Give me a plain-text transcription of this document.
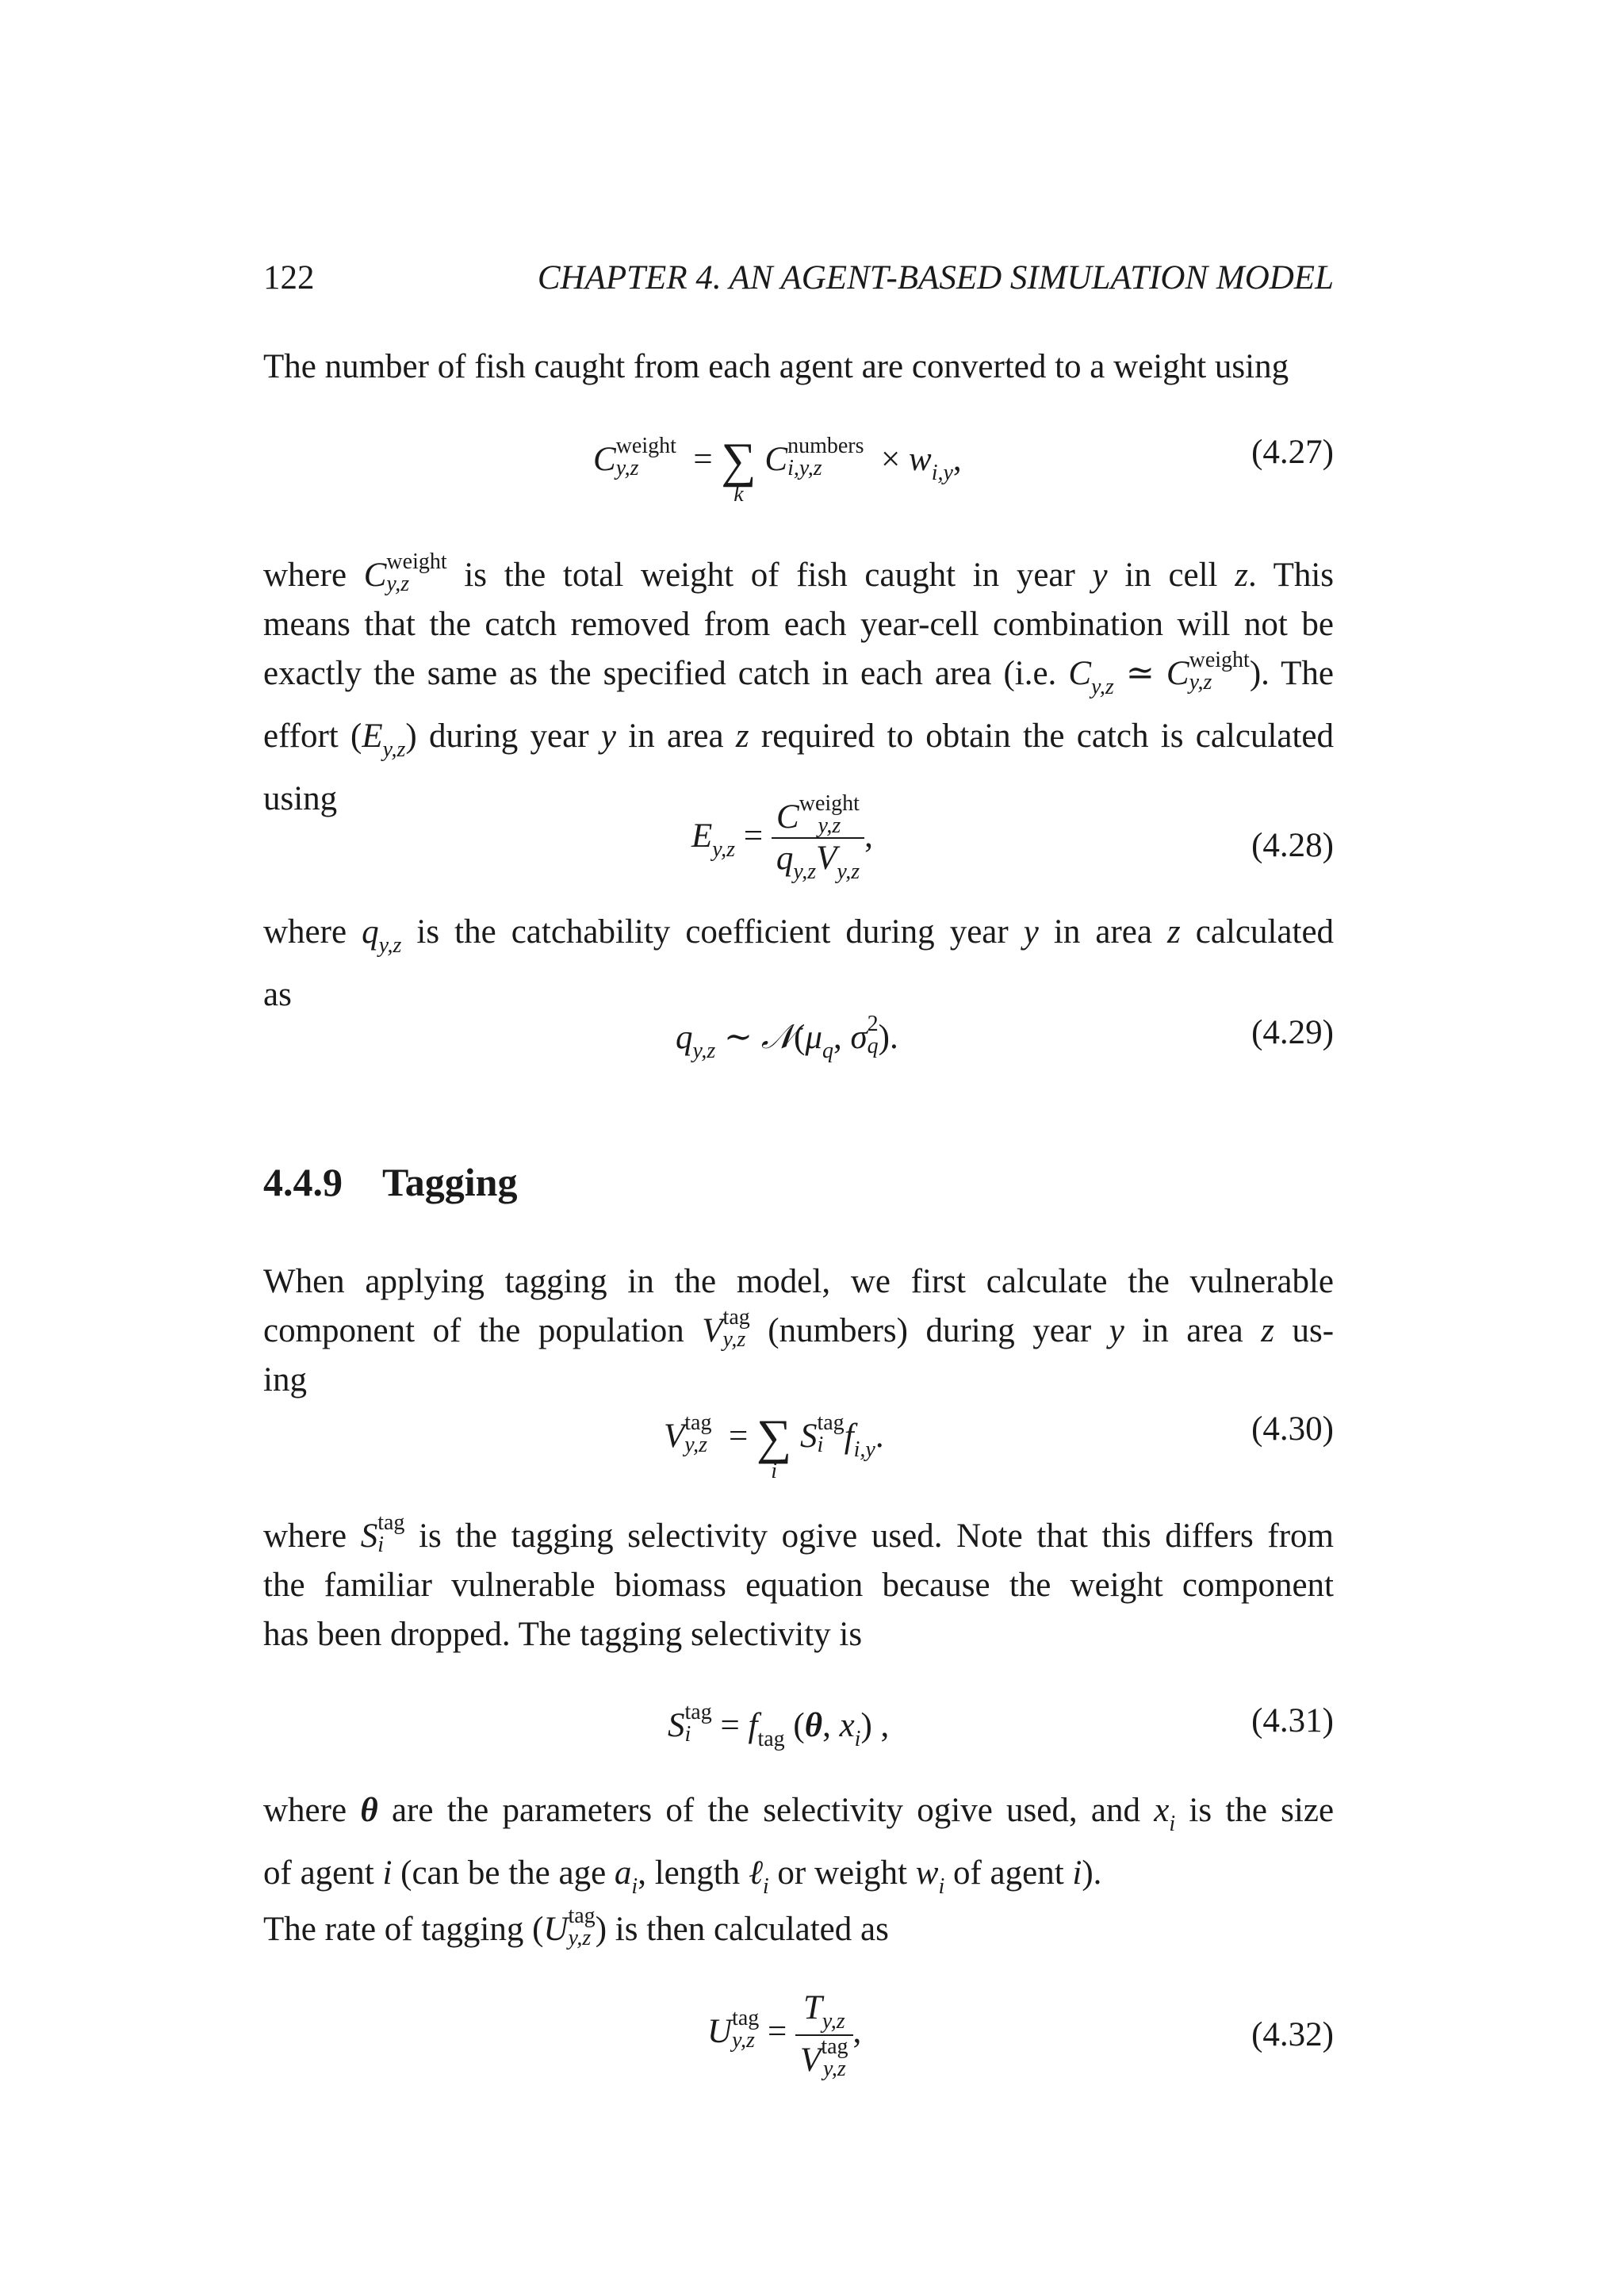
122	CHAPTER 4. AN AGENT-BASED SIMULATION MODEL
The number of fish caught from each agent are converted to a weight using
C weight
y,z	= ∑
k
C numbers
i,y,z	× $w_{i,y}$,	(4.27)
where C weight
y,z	is the total weight of fish caught in year y in cell z. This
means that the catch removed from each year-cell combination will not be
exactly the same as the specified catch in each area (i.e. $C_{y,z}$ ≃ C weight
y,z	). The
effort $(E_{y,z})$ during year y in area z required to obtain the catch is calculated
using
$E_{y,z} = C$ weight
y,z
$q_{y,z}V_{y,z}$ ,	(4.28)
where $q_{y,z}$ is the catchability coefficient during year y in area z calculated
as
$q_{y,z}$ ∼ $𝒩(\mu_q$, σ 2
q ).	(4.29)
4.4.9 Tagging
When applying tagging in the model, we first calculate the vulnerable
component of the population V tag
y,z (numbers) during year y in area z us-
ing
V tag
y,z = ∑
i
S tag
i $f_{i,y}$.	(4.30)
where S tag
i	is the tagging selectivity ogive used. Note that this differs from
the familiar vulnerable biomass equation because the weight component
has been dropped. The tagging selectivity is
S tag
$i = f_{tag}$ (θ, $x_i$) ,	(4.31)
where θ are the parameters of the selectivity ogive used, and $x_i$ is the size
of agent i (can be the age $a_i$, length ℓ$_i$ or weight $w_i$ of agent i).
The rate of tagging (U tag
y,z ) is then calculated as
U tag
$y,z = T_{y,z}$
V tag
y,z ,	(4.32)
